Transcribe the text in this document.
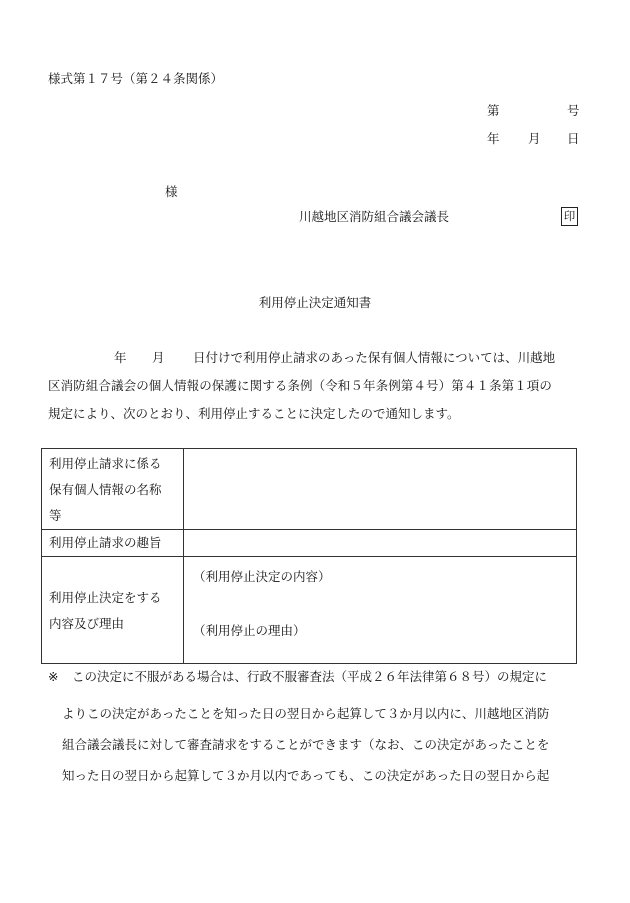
様式第１７号（第２４条関係）
第	号
年 月 日
様
川越地区消防組合議会議長	印
利用停止決定通知書
年 月 日付けで利用停止請求のあった保有個人情報については、川越地
区消防組合議会の個人情報の保護に関する条例（令和５年条例第４号）第４１条第１項の
規定により、次のとおり、利用停止することに決定したので通知します。
利用停止請求に係る
保有個人情報の名称
等	

利用停止請求の趣旨	

利用停止決定をする
内容及び理由	（利用停止決定の内容）
（利用停止の理由）
※ この決定に不服がある場合は、行政不服審査法（平成２６年法律第６８号）の規定に
よりこの決定があったことを知った日の翌日から起算して３か月以内に、川越地区消防
組合議会議長に対して審査請求をすることができます（なお、この決定があったことを
知った日の翌日から起算して３か月以内であっても、この決定があった日の翌日から起
